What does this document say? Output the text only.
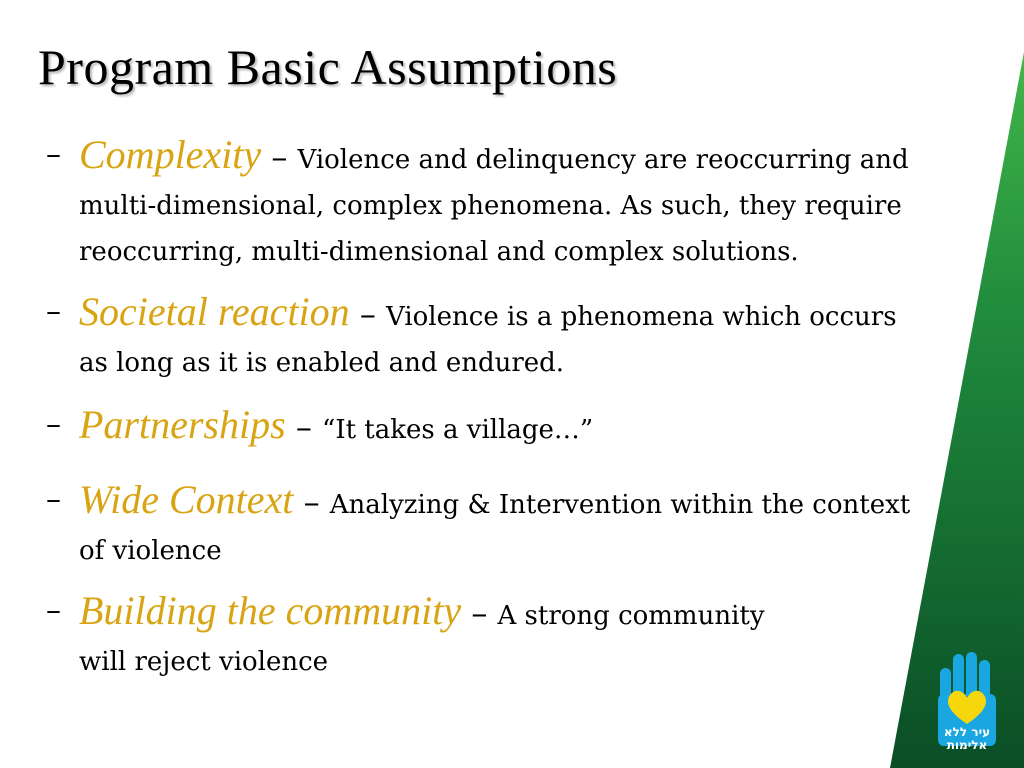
Program Basic Assumptions
– Complexity – Violence and delinquency are reoccurring and multi-dimensional, complex phenomena. As such, they require reoccurring, multi-dimensional and complex solutions.
– Societal reaction – Violence is a phenomena which occurs as long as it is enabled and endured.
– Partnerships – “It takes a village…”
– Wide Context – Analyzing & Intervention within the context of violence
– Building the community – A strong community will reject violence
עיר ללא
אלימות
